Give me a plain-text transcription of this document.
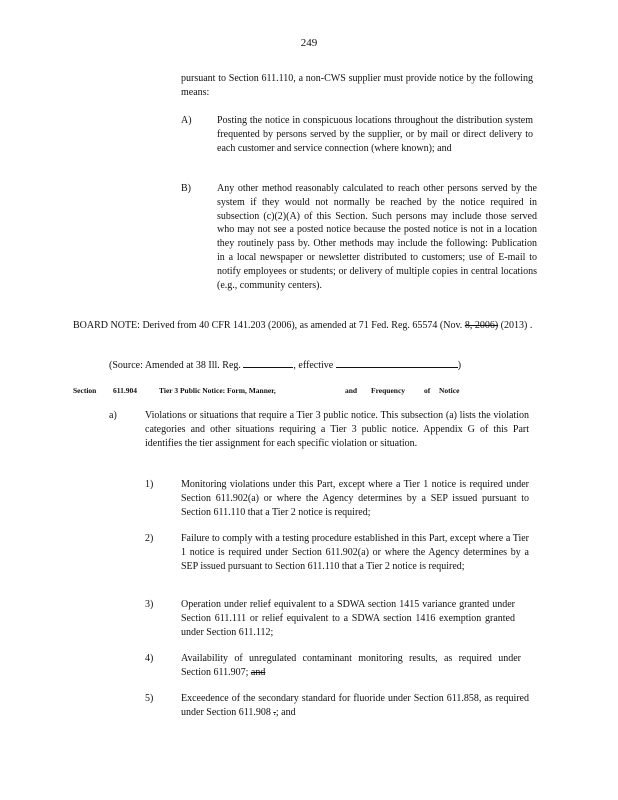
249
pursuant to Section 611.110, a non-CWS supplier must provide notice by the following means:
A)	Posting the notice in conspicuous locations throughout the distribution system frequented by persons served by the supplier, or by mail or direct delivery to each customer and service connection (where known); and
B)	Any other method reasonably calculated to reach other persons served by the system if they would not normally be reached by the notice required in subsection (c)(2)(A) of this Section. Such persons may include those served who may not see a posted notice because the posted notice is not in a location they routinely pass by. Other methods may include the following: Publication in a local newspaper or newsletter distributed to customers; use of E-mail to notify employees or students; or delivery of multiple copies in central locations (e.g., community centers).
BOARD NOTE: Derived from 40 CFR 141.203 (2006), as amended at 71 Fed. Reg. 65574 (Nov. 8, 2006) (2013) .
(Source: Amended at 38 Ill. Reg.	, effective	)
Section 611.904	Tier 3 Public Notice: Form, Manner,	and Frequency	of Notice
a)	Violations or situations that require a Tier 3 public notice. This subsection (a) lists the violation categories and other situations requiring a Tier 3 public notice. Appendix G of this Part identifies the tier assignment for each specific violation or situation.
1)	Monitoring violations under this Part, except where a Tier 1 notice is required under Section 611.902(a) or where the Agency determines by a SEP issued pursuant to Section 611.110 that a Tier 2 notice is required;
2)	Failure to comply with a testing procedure established in this Part, except where a Tier 1 notice is required under Section 611.902(a) or where the Agency determines by a SEP issued pursuant to Section 611.110 that a Tier 2 notice is required;
3)	Operation under relief equivalent to a SDWA section 1415 variance granted under Section 611.111 or relief equivalent to a SDWA section 1416 exemption granted under Section 611.112;
4)	Availability of unregulated contaminant monitoring results, as required under Section 611.907; and
5)	Exceedence of the secondary standard for fluoride under Section 611.858, as required under Section 611.908 .; and
